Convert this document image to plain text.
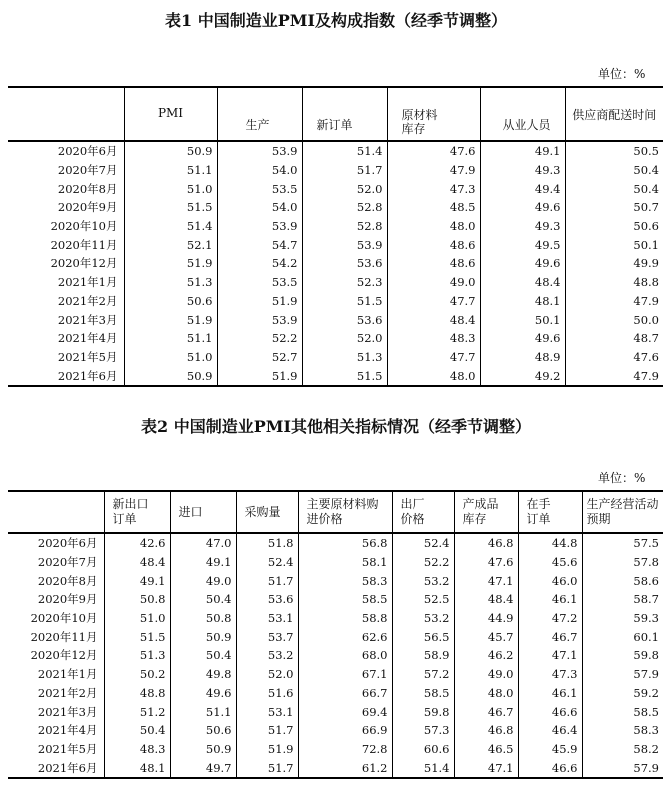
表1 中国制造业PMI及构成指数（经季节调整）
单位：%
	PMI	生产	新订单	原材料库存	从业人员	供应商配送时间
2020年6月	50.9	53.9	51.4	47.6	49.1	50.5
2020年7月	51.1	54.0	51.7	47.9	49.3	50.4
2020年8月	51.0	53.5	52.0	47.3	49.4	50.4
2020年9月	51.5	54.0	52.8	48.5	49.6	50.7
2020年10月	51.4	53.9	52.8	48.0	49.3	50.6
2020年11月	52.1	54.7	53.9	48.6	49.5	50.1
2020年12月	51.9	54.2	53.6	48.6	49.6	49.9
2021年1月	51.3	53.5	52.3	49.0	48.4	48.8
2021年2月	50.6	51.9	51.5	47.7	48.1	47.9
2021年3月	51.9	53.9	53.6	48.4	50.1	50.0
2021年4月	51.1	52.2	52.0	48.3	49.6	48.7
2021年5月	51.0	52.7	51.3	47.7	48.9	47.6
2021年6月	50.9	51.9	51.5	48.0	49.2	47.9
表2 中国制造业PMI其他相关指标情况（经季节调整）
单位：%
	新出口订单	进口	采购量	主要原材料购进价格	出厂价格	产成品库存	在手订单	生产经营活动预期
2020年6月	42.6	47.0	51.8	56.8	52.4	46.8	44.8	57.5
2020年7月	48.4	49.1	52.4	58.1	52.2	47.6	45.6	57.8
2020年8月	49.1	49.0	51.7	58.3	53.2	47.1	46.0	58.6
2020年9月	50.8	50.4	53.6	58.5	52.5	48.4	46.1	58.7
2020年10月	51.0	50.8	53.1	58.8	53.2	44.9	47.2	59.3
2020年11月	51.5	50.9	53.7	62.6	56.5	45.7	46.7	60.1
2020年12月	51.3	50.4	53.2	68.0	58.9	46.2	47.1	59.8
2021年1月	50.2	49.8	52.0	67.1	57.2	49.0	47.3	57.9
2021年2月	48.8	49.6	51.6	66.7	58.5	48.0	46.1	59.2
2021年3月	51.2	51.1	53.1	69.4	59.8	46.7	46.6	58.5
2021年4月	50.4	50.6	51.7	66.9	57.3	46.8	46.4	58.3
2021年5月	48.3	50.9	51.9	72.8	60.6	46.5	45.9	58.2
2021年6月	48.1	49.7	51.7	61.2	51.4	47.1	46.6	57.9
